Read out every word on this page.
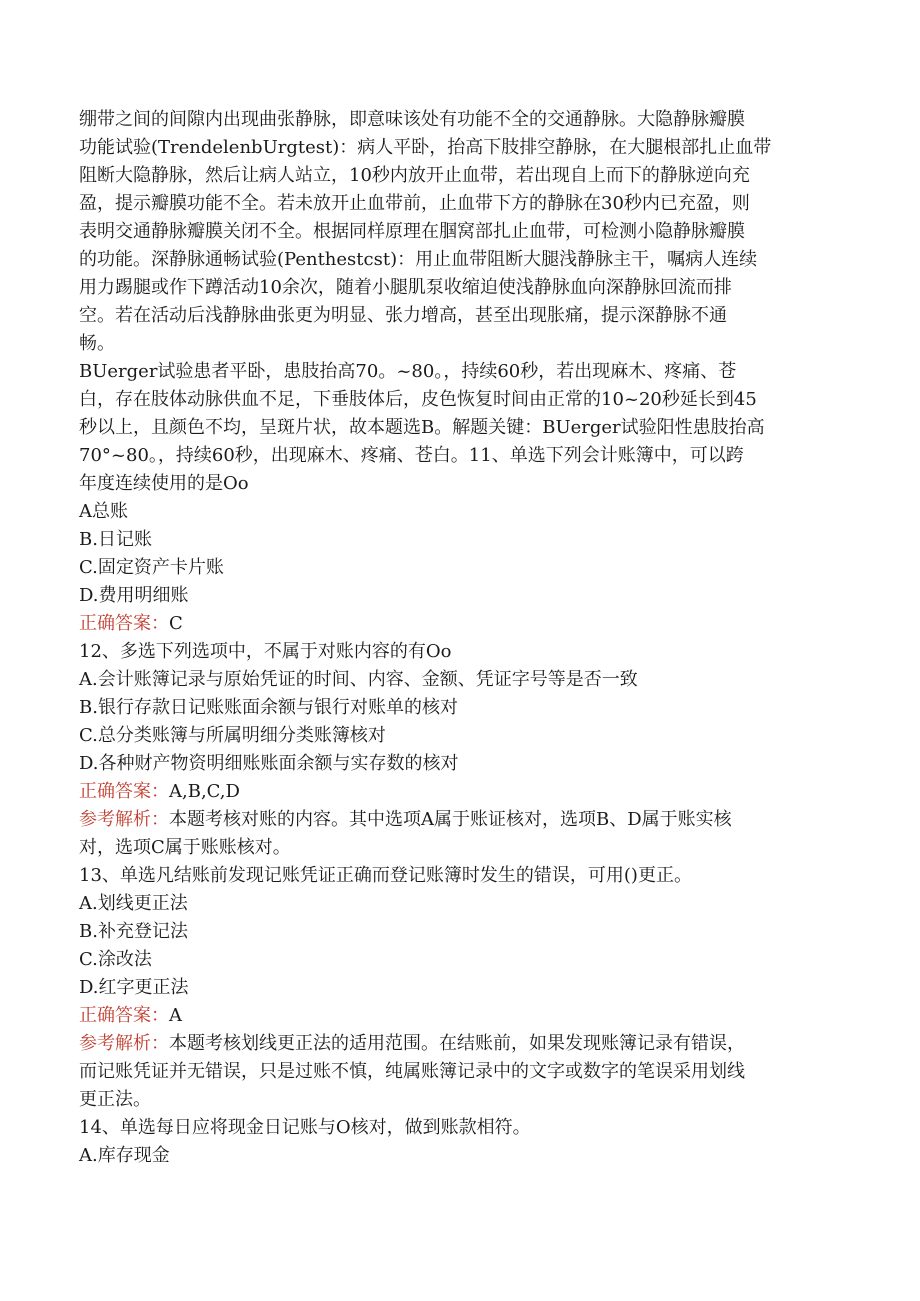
绷带之间的间隙内出现曲张静脉，即意味该处有功能不全的交通静脉。大隐静脉瓣膜
功能试验(TrendelenbUrgtest)：病人平卧，抬高下肢排空静脉，在大腿根部扎止血带
阻断大隐静脉，然后让病人站立，10秒内放开止血带，若出现自上而下的静脉逆向充
盈，提示瓣膜功能不全。若未放开止血带前，止血带下方的静脉在30秒内已充盈，则
表明交通静脉瓣膜关闭不全。根据同样原理在腘窝部扎止血带，可检测小隐静脉瓣膜
的功能。深静脉通畅试验(Penthestcst)：用止血带阻断大腿浅静脉主干，嘱病人连续
用力踢腿或作下蹲活动10余次，随着小腿肌泵收缩迫使浅静脉血向深静脉回流而排
空。若在活动后浅静脉曲张更为明显、张力增高，甚至出现胀痛，提示深静脉不通
畅。
BUerger试验患者平卧，患肢抬高70。~80。，持续60秒，若出现麻木、疼痛、苍
白，存在肢体动脉供血不足，下垂肢体后，皮色恢复时间由正常的10~20秒延长到45
秒以上，且颜色不均，呈斑片状，故本题选B。解题关键：BUerger试验阳性患肢抬高
70°~80。，持续60秒，出现麻木、疼痛、苍白。11、单选下列会计账簿中，可以跨
年度连续使用的是Oo
A总账
B.日记账
C.固定资产卡片账
D.费用明细账
正确答案：C
12、多选下列选项中，不属于对账内容的有Oo
A.会计账簿记录与原始凭证的时间、内容、金额、凭证字号等是否一致
B.银行存款日记账账面余额与银行对账单的核对
C.总分类账簿与所属明细分类账簿核对
D.各种财产物资明细账账面余额与实存数的核对
正确答案：A,B,C,D
参考解析：本题考核对账的内容。其中选项A属于账证核对，选项B、D属于账实核
对，选项C属于账账核对。
13、单选凡结账前发现记账凭证正确而登记账簿时发生的错误，可用()更正。
A.划线更正法
B.补充登记法
C.涂改法
D.红字更正法
正确答案：A
参考解析：本题考核划线更正法的适用范围。在结账前，如果发现账簿记录有错误，
而记账凭证并无错误，只是过账不慎，纯属账簿记录中的文字或数字的笔误采用划线
更正法。
14、单选每日应将现金日记账与O核对，做到账款相符。
A.库存现金
